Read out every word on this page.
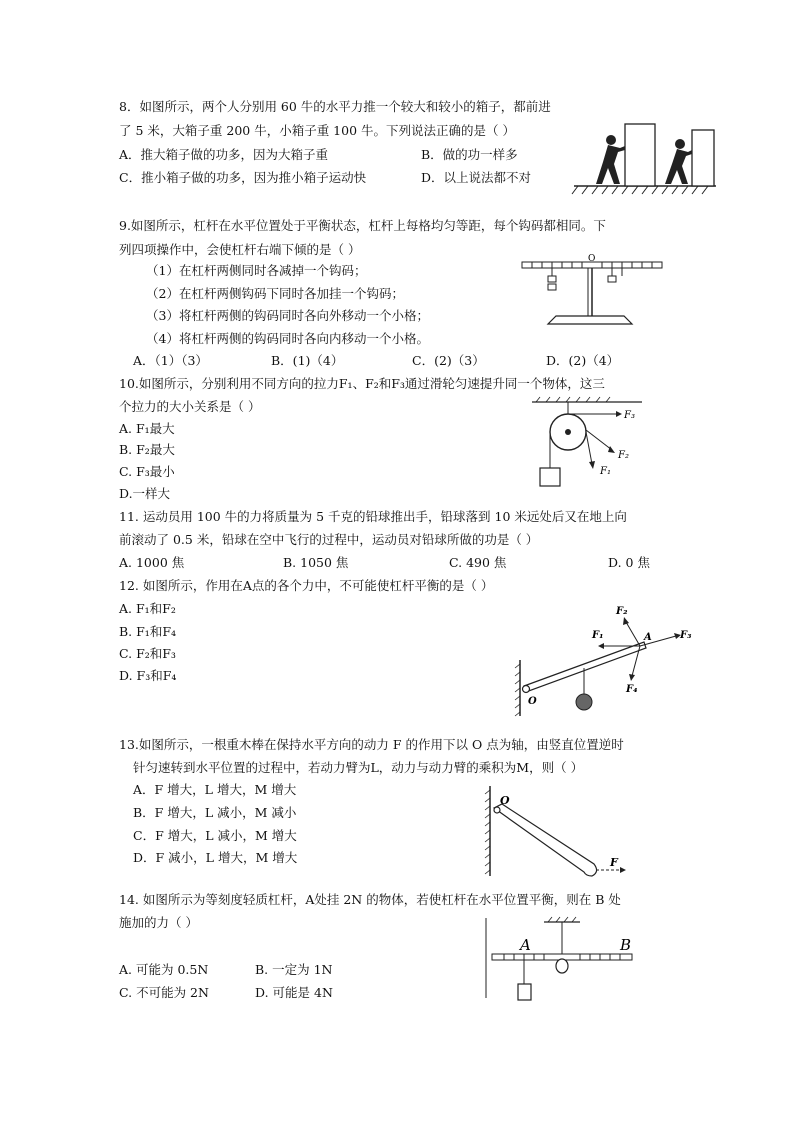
8．如图所示，两个人分别用 60 牛的水平力推一个较大和较小的箱子，都前进
了 5 米，大箱子重 200 牛，小箱子重 100 牛。下列说法正确的是（ ）
A．推大箱子做的功多，因为大箱子重	B．做的功一样多
C．推小箱子做的功多，因为推小箱子运动快	D．以上说法都不对
9.如图所示，杠杆在水平位置处于平衡状态，杠杆上每格均匀等距，每个钩码都相同。下
列四项操作中，会使杠杆右端下倾的是（ ）
（1）在杠杆两侧同时各减掉一个钩码；
（2）在杠杆两侧钩码下同时各加挂一个钩码；
（3）将杠杆两侧的钩码同时各向外移动一个小格；
（4）将杠杆两侧的钩码同时各向内移动一个小格。
A．（1）（3）	B．(1)（4）	C．(2)（3）	D．(2)（4）
O
10.如图所示，分别利用不同方向的拉力F₁、F₂和F₃通过滑轮匀速提升同一个物体，这三
个拉力的大小关系是（ ）
A. F₁最大
B. F₂最大
C. F₃最小
D.一样大
F₃
F₂
F₁
11. 运动员用 100 牛的力将质量为 5 千克的铅球推出手，铅球落到 10 米远处后又在地上向
前滚动了 0.5 米，铅球在空中飞行的过程中，运动员对铅球所做的功是（ ）
A. 1000 焦	B. 1050 焦	C. 490 焦	D. 0 焦
12. 如图所示，作用在A点的各个力中，不可能使杠杆平衡的是（ ）
A. F₁和F₂
B. F₁和F₄
C. F₂和F₃
D. F₃和F₄
F₂
F₁	F₃
F₄
A
O
13.如图所示，一根重木棒在保持水平方向的动力 F 的作用下以 O 点为轴，由竖直位置逆时
针匀速转到水平位置的过程中，若动力臂为L，动力与动力臂的乘积为M，则（ ）
A．F 增大，L 增大，M 增大
B．F 增大，L 减小，M 减小
C．F 增大，L 减小，M 增大
D．F 减小，L 增大，M 增大
O
F
14. 如图所示为等刻度轻质杠杆，A处挂 2N 的物体，若使杠杆在水平位置平衡，则在 B 处
施加的力（ ）
A. 可能为 0.5N	B. 一定为 1N
C. 不可能为 2N	D. 可能是 4N
A	B
